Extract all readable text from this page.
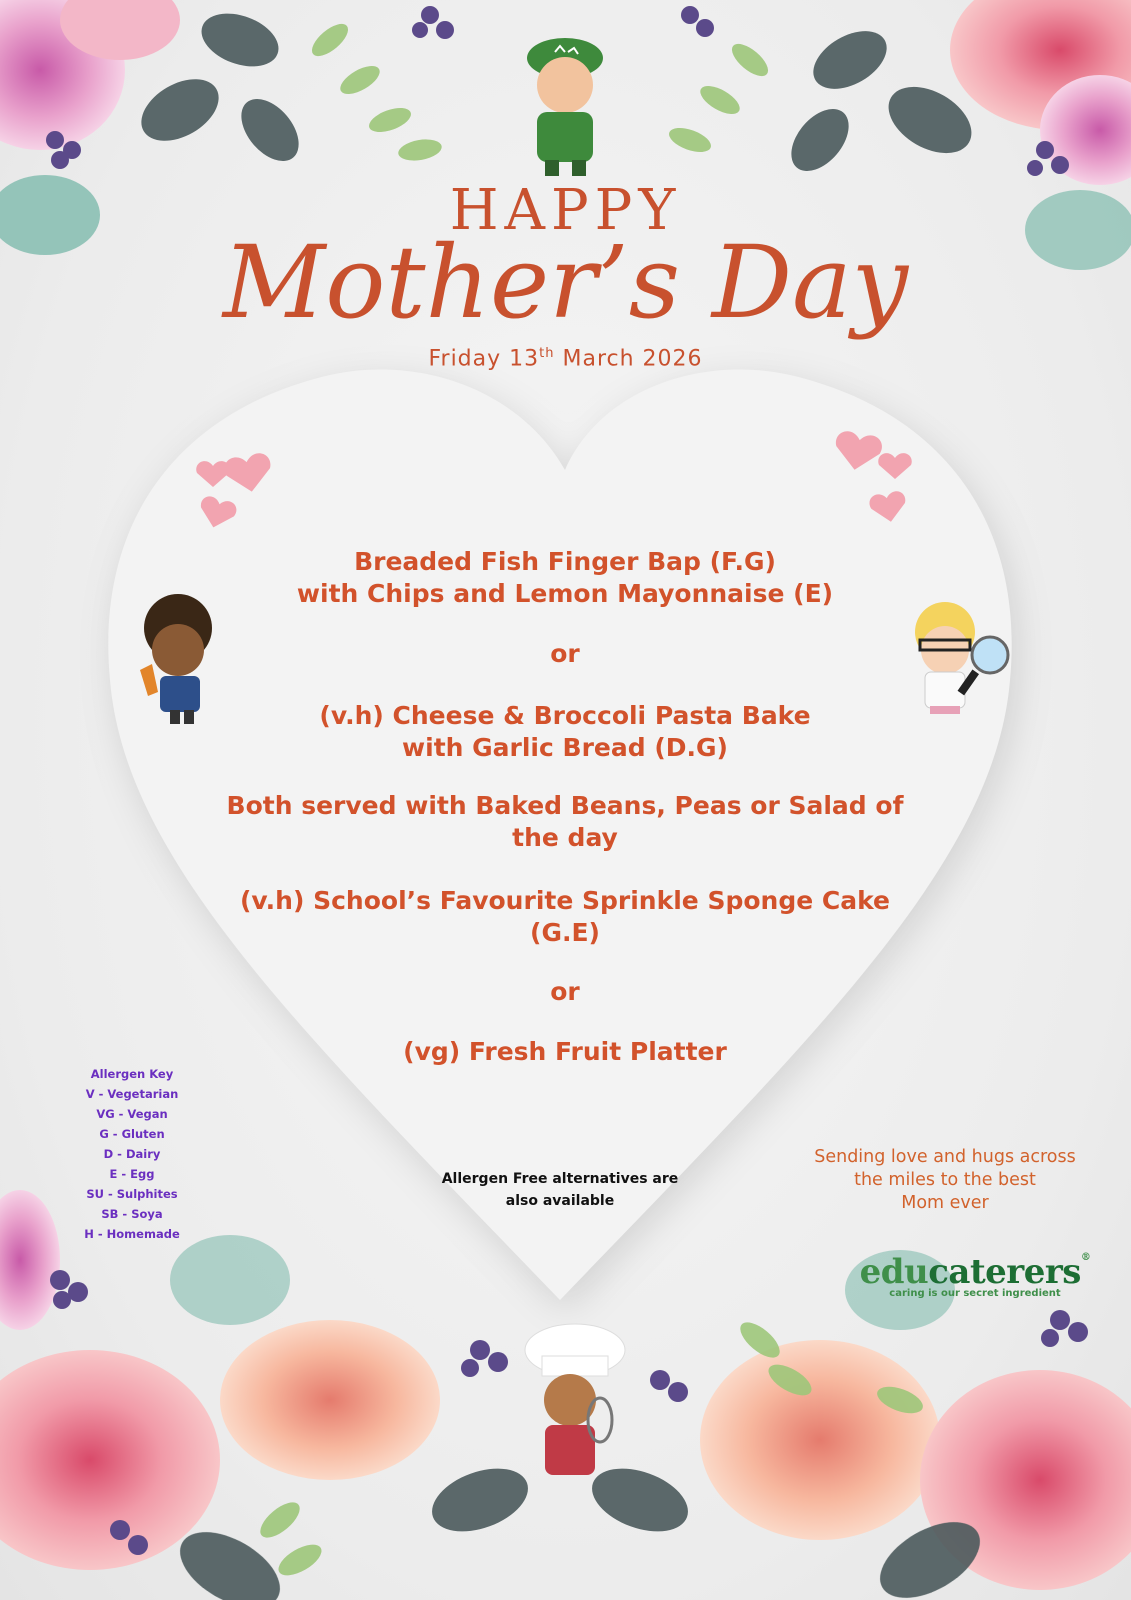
HAPPY
Mother’s Day
Friday 13th March 2026
Breaded Fish Finger Bap (F.G)
with Chips and Lemon Mayonnaise (E)
or
(v.h) Cheese & Broccoli Pasta Bake
with Garlic Bread (D.G)
Both served with Baked Beans, Peas or Salad of
the day
(v.h) School’s Favourite Sprinkle Sponge Cake
(G.E)
or
(vg) Fresh Fruit Platter
Allergen Key
V - Vegetarian
VG - Vegan
G - Gluten
D - Dairy
E - Egg
SU - Sulphites
SB - Soya
H - Homemade
Allergen Free alternatives are
also available
Sending love and hugs across
the miles to the best
Mom ever
educaterers®
caring is our secret ingredient
